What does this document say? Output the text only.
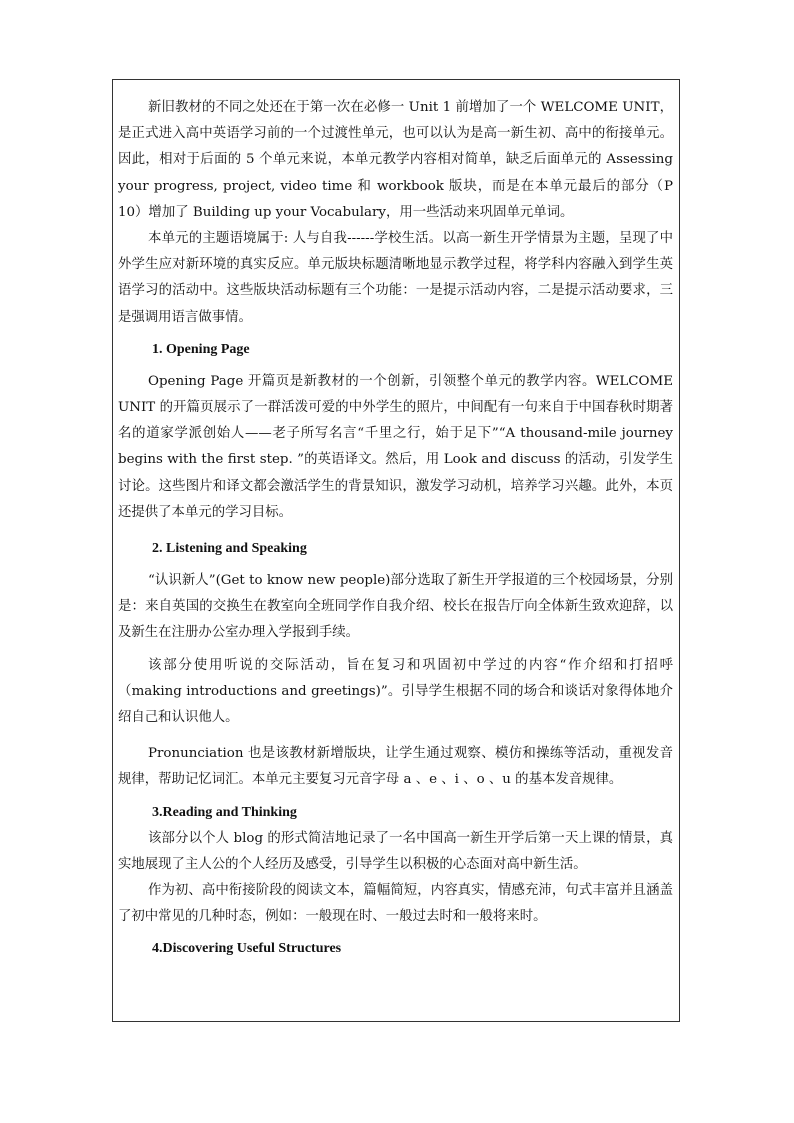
新旧教材的不同之处还在于第一次在必修一 Unit 1 前增加了一个 WELCOME UNIT，是正式进入高中英语学习前的一个过渡性单元，也可以认为是高一新生初、高中的衔接单元。因此，相对于后面的 5 个单元来说，本单元教学内容相对简单，缺乏后面单元的 Assessing your progress, project, video time 和 workbook 版块，而是在本单元最后的部分（P 10）增加了 Building up your Vocabulary，用一些活动来巩固单元单词。

本单元的主题语境属于: 人与自我------学校生活。以高一新生开学情景为主题，呈现了中外学生应对新环境的真实反应。单元版块标题清晰地显示教学过程，将学科内容融入到学生英语学习的活动中。这些版块活动标题有三个功能：一是提示活动内容，二是提示活动要求，三是强调用语言做事情。

1. Opening Page

Opening Page 开篇页是新教材的一个创新，引领整个单元的教学内容。WELCOME UNIT 的开篇页展示了一群活泼可爱的中外学生的照片，中间配有一句来自于中国春秋时期著名的道家学派创始人——老子所写名言“千里之行，始于足下”“A thousand-mile journey begins with the first step. ”的英语译文。然后，用 Look and discuss 的活动，引发学生讨论。这些图片和译文都会激活学生的背景知识，激发学习动机，培养学习兴趣。此外，本页还提供了本单元的学习目标。

2. Listening and Speaking

“认识新人”(Get to know new people)部分选取了新生开学报道的三个校园场景，分别是：来自英国的交换生在教室向全班同学作自我介绍、校长在报告厅向全体新生致欢迎辞，以及新生在注册办公室办理入学报到手续。

该部分使用听说的交际活动，旨在复习和巩固初中学过的内容“作介绍和打招呼（making introductions and greetings)”。引导学生根据不同的场合和谈话对象得体地介绍自己和认识他人。

Pronunciation 也是该教材新增版块，让学生通过观察、模仿和操练等活动，重视发音规律，帮助记忆词汇。本单元主要复习元音字母 a 、e 、i 、o 、u 的基本发音规律。

3.Reading and Thinking

该部分以个人 blog 的形式简洁地记录了一名中国高一新生开学后第一天上课的情景，真实地展现了主人公的个人经历及感受，引导学生以积极的心态面对高中新生活。

作为初、高中衔接阶段的阅读文本，篇幅简短，内容真实，情感充沛，句式丰富并且涵盖了初中常见的几种时态，例如：一般现在时、一般过去时和一般将来时。

4.Discovering Useful Structures
